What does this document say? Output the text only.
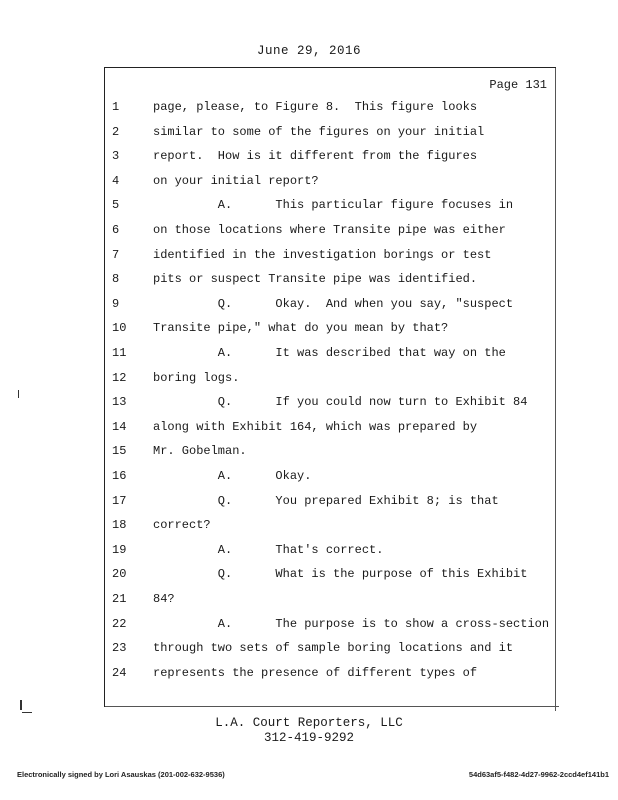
June 29, 2016
Page 131
1	page, please, to Figure 8.  This figure looks
2	similar to some of the figures on your initial
3	report.  How is it different from the figures
4	on your initial report?
5	A.      This particular figure focuses in
6	on those locations where Transite pipe was either
7	identified in the investigation borings or test
8	pits or suspect Transite pipe was identified.
9	Q.      Okay.  And when you say, "suspect
10	Transite pipe," what do you mean by that?
11	A.      It was described that way on the
12	boring logs.
13	Q.      If you could now turn to Exhibit 84
14	along with Exhibit 164, which was prepared by
15	Mr. Gobelman.
16	A.      Okay.
17	Q.      You prepared Exhibit 8; is that
18	correct?
19	A.      That's correct.
20	Q.      What is the purpose of this Exhibit
21	84?
22	A.      The purpose is to show a cross-section
23	through two sets of sample boring locations and it
24	represents the presence of different types of
L.A. Court Reporters, LLC
312-419-9292
Electronically signed by Lori Asauskas (201-002-632-9536)	54d63af5-f482-4d27-9962-2ccd4ef141b1
